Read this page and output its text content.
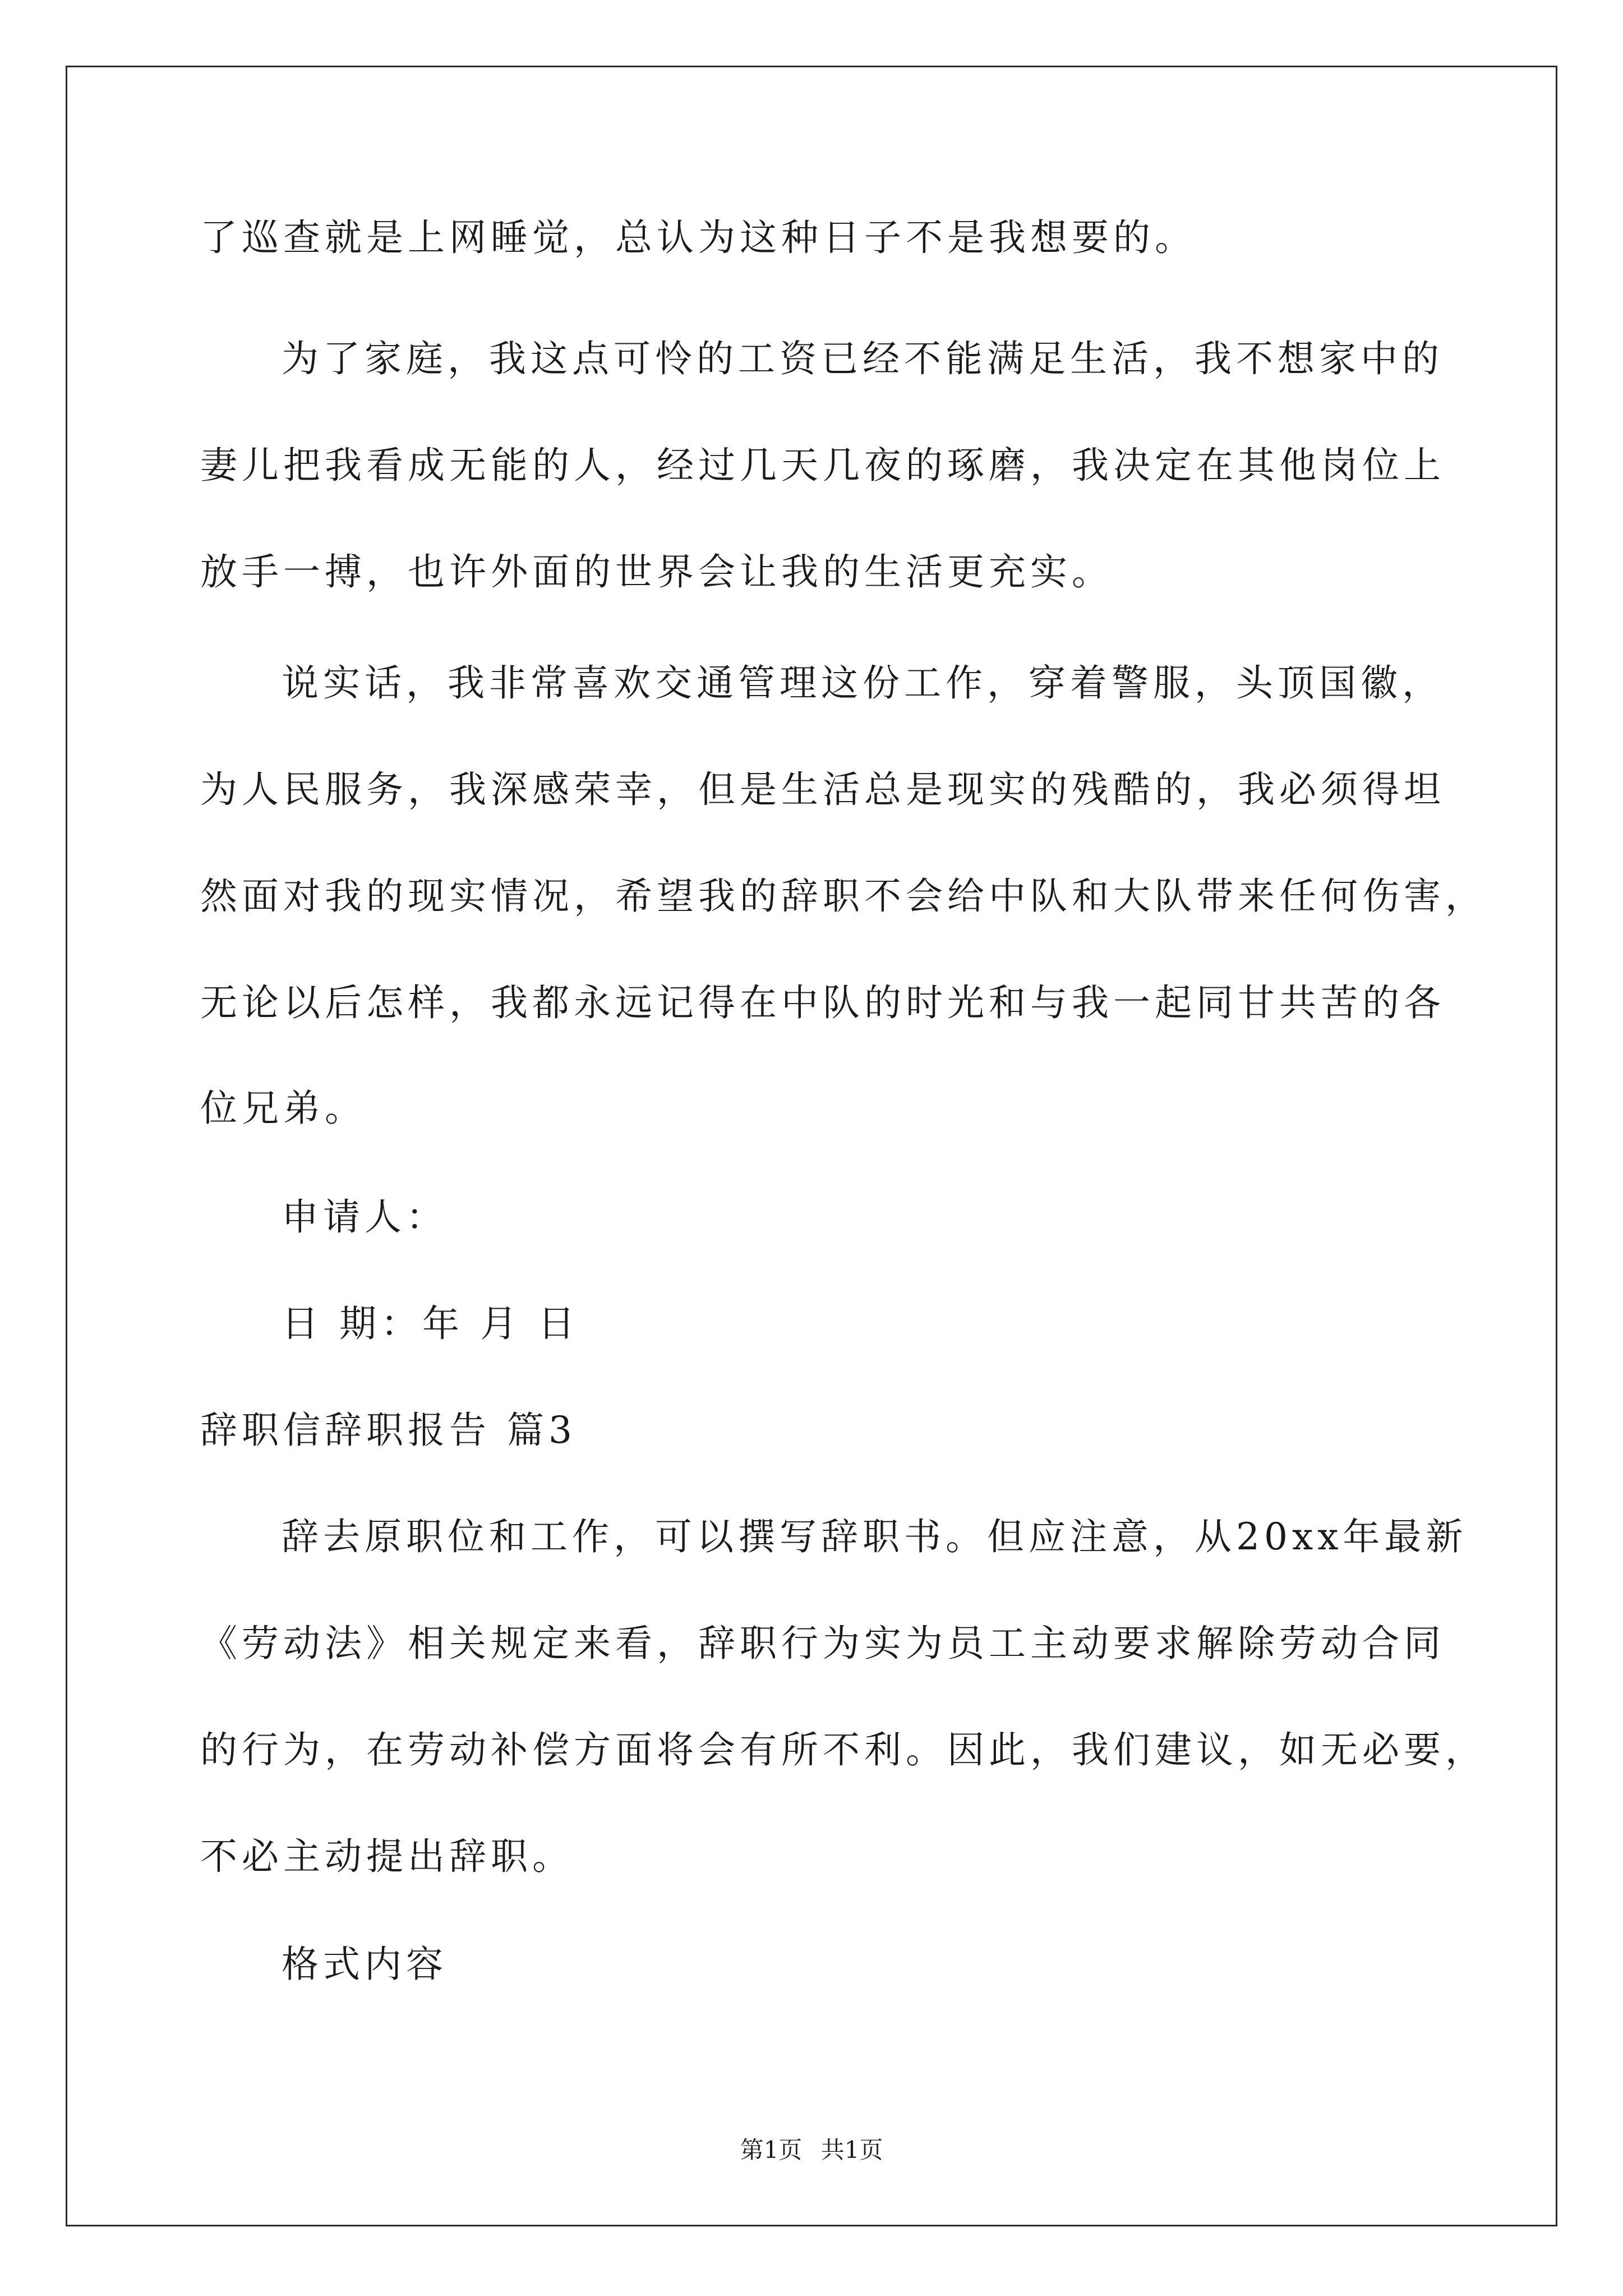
了巡查就是上网睡觉，总认为这种日子不是我想要的。
为了家庭，我这点可怜的工资已经不能满足生活，我不想家中的
妻儿把我看成无能的人，经过几天几夜的琢磨，我决定在其他岗位上
放手一搏，也许外面的世界会让我的生活更充实。
说实话，我非常喜欢交通管理这份工作，穿着警服，头顶国徽，
为人民服务，我深感荣幸，但是生活总是现实的残酷的，我必须得坦
然面对我的现实情况，希望我的辞职不会给中队和大队带来任何伤害，
无论以后怎样，我都永远记得在中队的时光和与我一起同甘共苦的各
位兄弟。
申请人：
日 期：年 月 日
辞职信辞职报告 篇3
辞去原职位和工作，可以撰写辞职书。但应注意，从20xx年最新
《劳动法》相关规定来看，辞职行为实为员工主动要求解除劳动合同
的行为，在劳动补偿方面将会有所不利。因此，我们建议，如无必要，
不必主动提出辞职。
格式内容
第1页 共1页
